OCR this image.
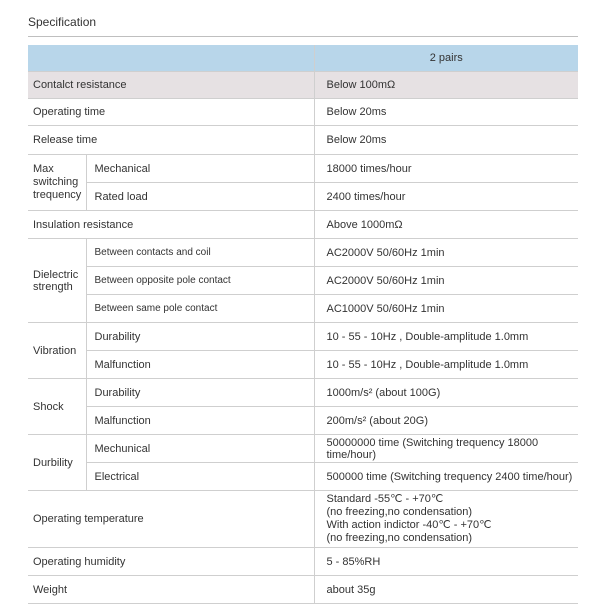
Specification
		2 pairs
Contalct resistance		Below 100mΩ
Operating time		Below 20ms
Release time		Below 20ms
Max switching trequency	Mechanical	18000 times/hour
	Rated load	2400 times/hour
Insulation resistance		Above 1000mΩ
Dielectric strength	Between contacts and coil	AC2000V 50/60Hz 1min
	Between opposite pole contact	AC2000V 50/60Hz 1min
	Between same pole contact	AC1000V 50/60Hz 1min
Vibration	Durability	10 - 55 - 10Hz , Double-amplitude 1.0mm
	Malfunction	10 - 55 - 10Hz , Double-amplitude 1.0mm
Shock	Durability	1000m/s² (about 100G)
	Malfunction	200m/s² (about 20G)
Durbility	Mechunical	50000000 time (Switching trequency 18000 time/hour)
	Electrical	500000 time (Switching trequency 2400 time/hour)
Operating temperature		Standard -55℃ - +70℃
(no freezing,no condensation)
With action indictor -40℃ - +70℃
(no freezing,no condensation)

Operating humidity		5 - 85%RH
Weight		about 35g
